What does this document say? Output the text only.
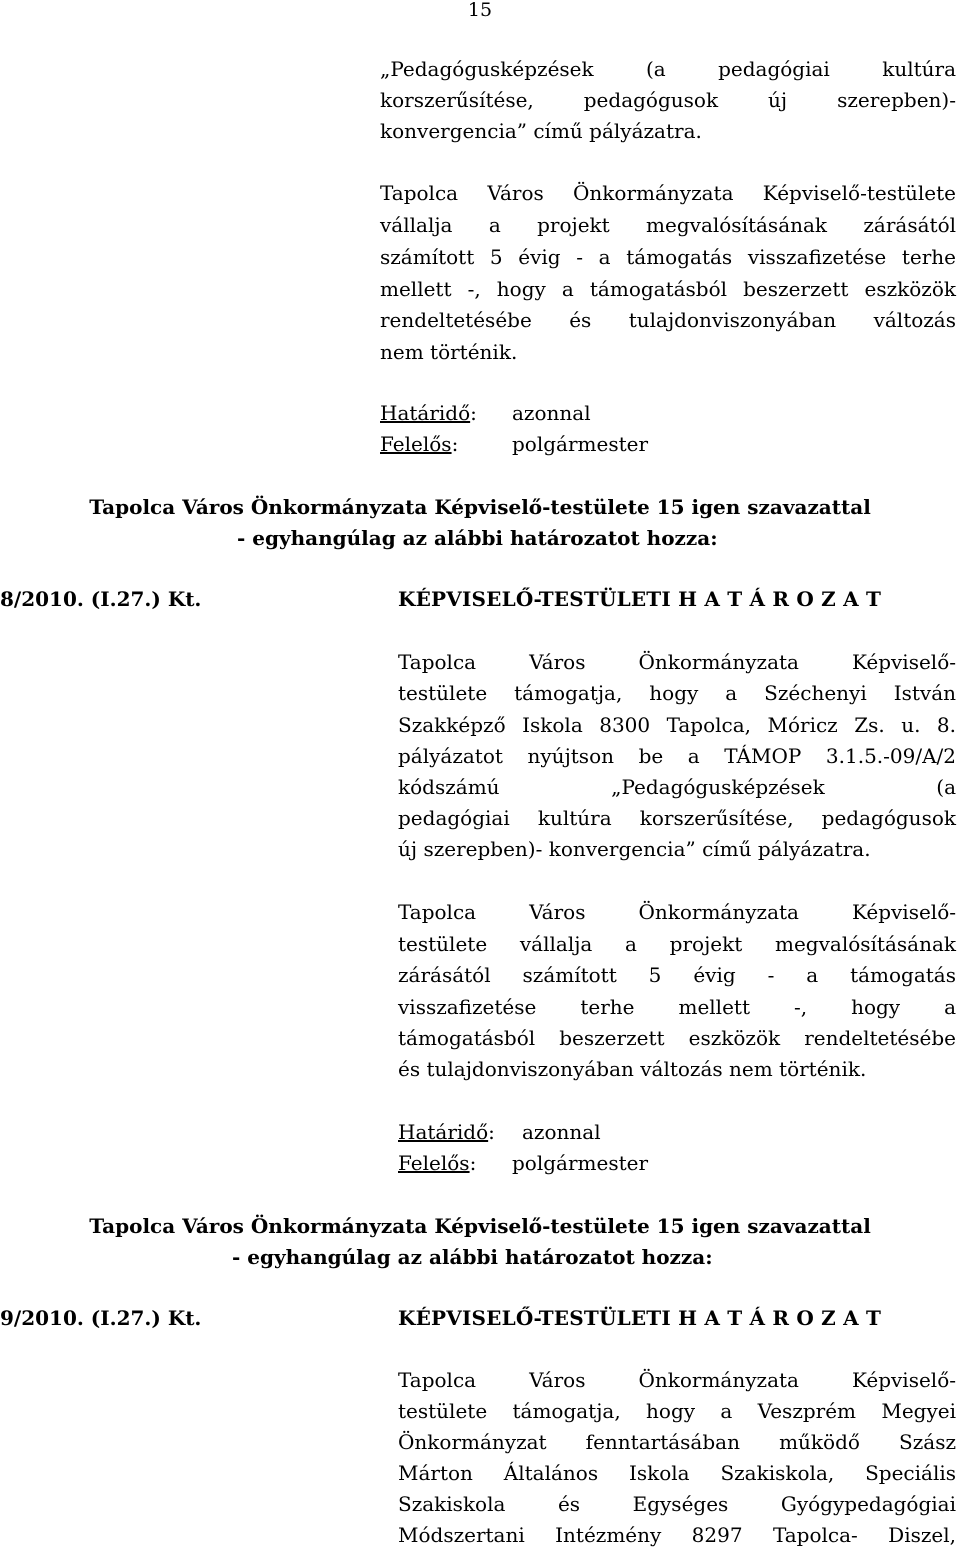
15
„Pedagógusképzések (a pedagógiai kultúra
korszerűsítése, pedagógusok új szerepben)-
konvergencia” című pályázatra.
Tapolca Város Önkormányzata Képviselő-testülete
vállalja a projekt megvalósításának zárásától
számított 5 évig - a támogatás visszafizetése terhe
mellett -, hogy a támogatásból beszerzett eszközök
rendeltetésébe és tulajdonviszonyában változás
nem történik.
Határidő: azonnal
Felelős:	polgármester
Tapolca Város Önkormányzata Képviselő-testülete 15 igen szavazattal
- egyhangúlag az alábbi határozatot hozza:
8/2010. (I.27.) Kt.	KÉPVISELŐ-TESTÜLETI H A T Á R O Z A T
Tapolca Város Önkormányzata Képviselő-
testülete támogatja, hogy a Széchenyi István
Szakképző Iskola 8300 Tapolca, Móricz Zs. u. 8.
pályázatot nyújtson be a TÁMOP 3.1.5.-09/A/2
kódszámú „Pedagógusképzések (a
pedagógiai kultúra korszerűsítése, pedagógusok
új szerepben)- konvergencia” című pályázatra.
Tapolca Város Önkormányzata Képviselő-
testülete vállalja a projekt megvalósításának
zárásától számított 5 évig - a támogatás
visszafizetése terhe mellett -, hogy a
támogatásból beszerzett eszközök rendeltetésébe
és tulajdonviszonyában változás nem történik.
Határidő: azonnal
Felelős: polgármester
Tapolca Város Önkormányzata Képviselő-testülete 15 igen szavazattal
- egyhangúlag az alábbi határozatot hozza:
9/2010. (I.27.) Kt.	KÉPVISELŐ-TESTÜLETI H A T Á R O Z A T
Tapolca Város Önkormányzata Képviselő-
testülete támogatja, hogy a Veszprém Megyei
Önkormányzat fenntartásában működő Szász
Márton Általános Iskola Szakiskola, Speciális
Szakiskola és Egységes Gyógypedagógiai
Módszertani Intézmény 8297 Tapolca- Diszel,
